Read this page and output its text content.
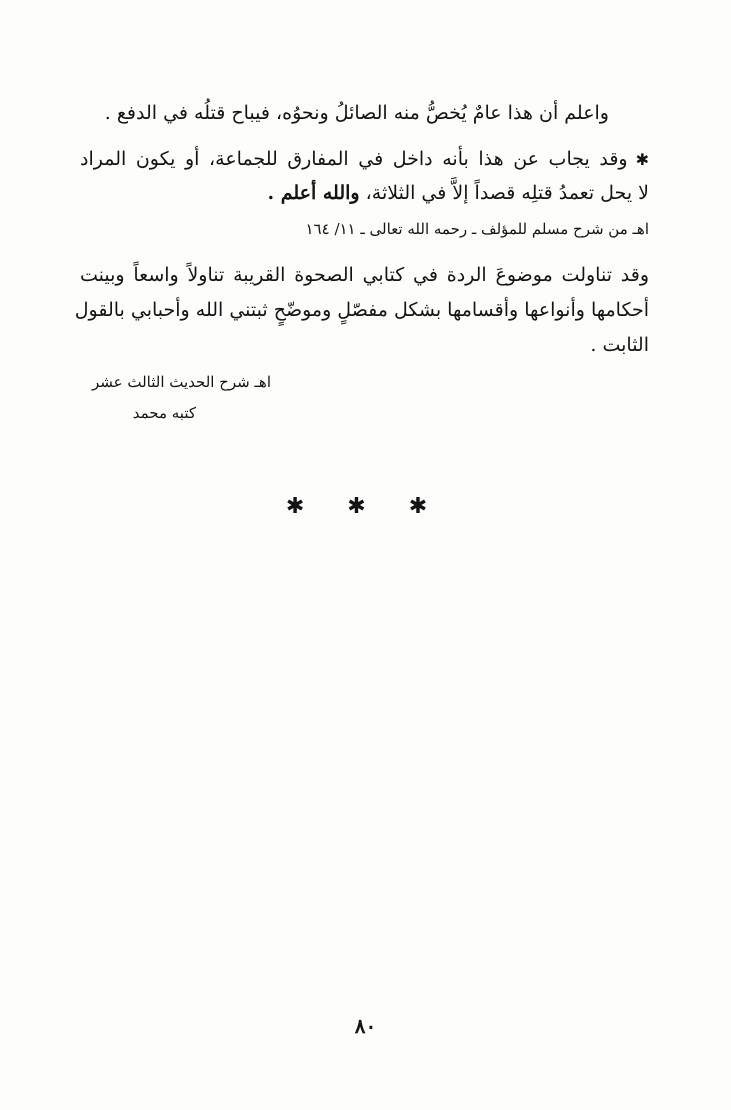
واعلم أن هذا عامٌ يُخصُّ منه الصائلُ ونحوُه، فيباح قتلُه في الدفع .
✱وقد يجاب عن هذا بأنه داخل في المفارق للجماعة، أو يكون المراد
لا يحل تعمدُ قتلِه قصداً إلاَّ في الثلاثة، والله أعلم .
اهـ من شرح مسلم للمؤلف ـ رحمه الله تعالى ـ ١١/ ١٦٤
وقد تناولت موضوعَ الردة في كتابي الصحوة القريبة تناولاً واسعاً وبينت
أحكامها وأنواعها وأقسامها بشكل مفصّلٍ وموضّحٍ ثبتني الله وأحبابي بالقول
الثابت .
اهـ شرح الحديث الثالث عشر
كتبه محمد
✱ ✱ ✱
٨٠
